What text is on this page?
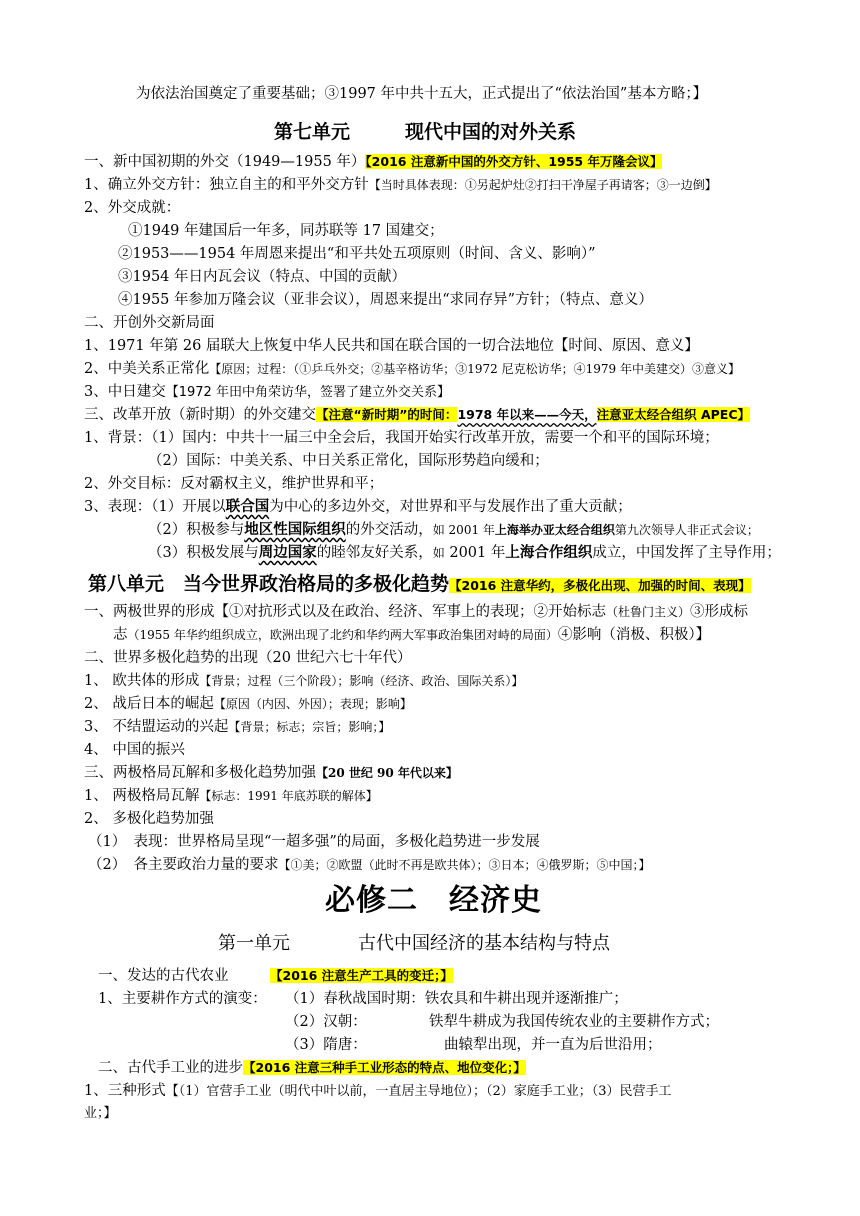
为依法治国奠定了重要基础；③1997 年中共十五大，正式提出了“依法治国”基本方略；】
第七单元	现代中国的对外关系
一、新中国初期的外交（1949—1955 年）【2016 注意新中国的外交方针、1955 年万隆会议】
1、确立外交方针：独立自主的和平外交方针【当时具体表现：①另起炉灶②打扫干净屋子再请客；③一边倒】
2、外交成就：
①1949 年建国后一年多，同苏联等 17 国建交；
②1953——1954 年周恩来提出“和平共处五项原则（时间、含义、影响）”
③1954 年日内瓦会议（特点、中国的贡献）
④1955 年参加万隆会议（亚非会议），周恩来提出“求同存异”方针；（特点、意义）
二、开创外交新局面
1、1971 年第 26 届联大上恢复中华人民共和国在联合国的一切合法地位【时间、原因、意义】
2、中美关系正常化【原因；过程：（①乒乓外交；②基辛格访华；③1972 尼克松访华；④1979 年中美建交）③意义】
3、中日建交【1972 年田中角荣访华，签署了建立外交关系】
三、改革开放（新时期）的外交建交【注意“新时期”的时间：1978 年以来——今天，注意亚太经合组织 APEC】
1、背景：（1）国内：中共十一届三中全会后，我国开始实行改革开放，需要一个和平的国际环境；
（2）国际：中美关系、中日关系正常化，国际形势趋向缓和；
2、外交目标：反对霸权主义，维护世界和平；
3、表现：（1）开展以联合国为中心的多边外交，对世界和平与发展作出了重大贡献；
（2）积极参与地区性国际组织的外交活动，如 2001 年上海举办亚太经合组织第九次领导人非正式会议；
（3）积极发展与周边国家的睦邻友好关系，如 2001 年上海合作组织成立，中国发挥了主导作用；
第八单元　当今世界政治格局的多极化趋势【2016 注意华约，多极化出现、加强的时间、表现】
一、两极世界的形成【①对抗形式以及在政治、经济、军事上的表现；②开始标志（杜鲁门主义）③形成标
志（1955 年华约组织成立，欧洲出现了北约和华约两大军事政治集团对峙的局面）④影响（消极、积极）】
二、世界多极化趋势的出现（20 世纪六七十年代）
1、 欧共体的形成【背景；过程（三个阶段）；影响（经济、政治、国际关系）】
2、 战后日本的崛起【原因（内因、外因）；表现；影响】
3、 不结盟运动的兴起【背景；标志；宗旨；影响；】
4、 中国的振兴
三、两极格局瓦解和多极化趋势加强【20 世纪 90 年代以来】
1、 两极格局瓦解【标志：1991 年底苏联的解体】
2、 多极化趋势加强
（1）　表现：世界格局呈现“一超多强”的局面，多极化趋势进一步发展
（2）　各主要政治力量的要求【①美；②欧盟（此时不再是欧共体）；③日本；④俄罗斯；⑤中国；】
必修二　经济史
第一单元	古代中国经济的基本结构与特点
一、发达的古代农业	【2016 注意生产工具的变迁；】
1、主要耕作方式的演变： （1）春秋战国时期：铁农具和牛耕出现并逐渐推广；
（2）汉朝：	铁犁牛耕成为我国传统农业的主要耕作方式；
（3）隋唐：	曲辕犁出现，并一直为后世沿用；
二、古代手工业的进步【2016 注意三种手工业形态的特点、地位变化；】
1、三种形式【（1）官营手工业（明代中叶以前，一直居主导地位）；（2）家庭手工业；（3）民营手工
业；】
